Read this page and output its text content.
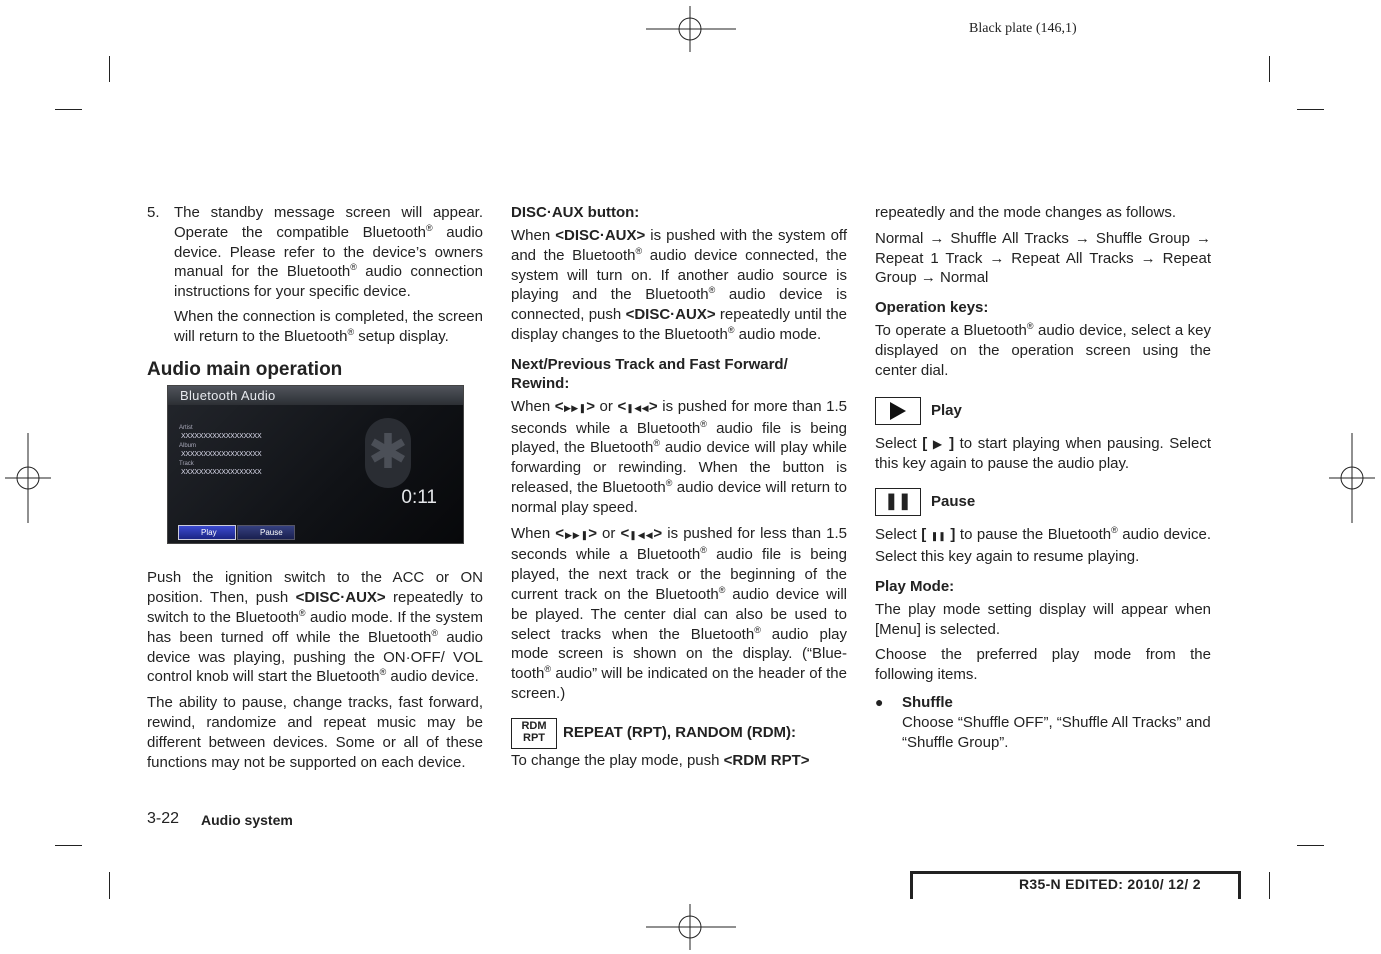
Black plate (146,1)
5. The standby message screen will appear. Operate the compatible Bluetooth® audio device. Please refer to the device’s owners manual for the Bluetooth® audio connection instructions for your specific device.

When the connection is completed, the screen will return to the Bluetooth® setup display.

Audio main operation
Bluetooth Audio
Artist
XXXXXXXXXXXXXXXXXX
Album
XXXXXXXXXXXXXXXXXX
Track
XXXXXXXXXXXXXXXXXX ✱
0:11
Play	Pause

Push the ignition switch to the ACC or ON position. Then, push <DISC·AUX> repeatedly to switch to the Bluetooth® audio mode. If the system has been turned off while the Bluetooth® audio device was playing, pushing the ON·OFF/ VOL control knob will start the Bluetooth® audio device.

The ability to pause, change tracks, fast forward, rewind, randomize and repeat music may be different between devices. Some or all of these functions may not be supported on each device.

DISC·AUX button:

When <DISC·AUX> is pushed with the system off and the Bluetooth® audio device connected, the system will turn on. If another audio source is playing and the Bluetooth® audio device is connected, push <DISC·AUX> repeatedly until the display changes to the Bluetooth® audio mode.

Next/Previous Track and Fast Forward/ Rewind:

When <▶▶❚> or <❚◀◀> is pushed for more than 1.5 seconds while a Bluetooth® audio file is being played, the Bluetooth® audio device will play while forwarding or rewinding. When the button is released, the Bluetooth® audio device will return to normal play speed.

When <▶▶❚> or <❚◀◀> is pushed for less than 1.5 seconds while a Bluetooth® audio file is being played, the next track or the beginning of the current track on the Bluetooth® audio device will be played. The center dial can also be used to select tracks when the Bluetooth® audio play mode screen is shown on the display. (“Blue- tooth® audio” will be indicated on the header of the screen.)

RDM
RPT	REPEAT (RPT), RANDOM (RDM):

To change the play mode, push <RDM RPT>

repeatedly and the mode changes as follows.

Normal → Shuffle All Tracks → Shuffle Group → Repeat 1 Track → Repeat All Tracks → Repeat Group → Normal

Operation keys:

To operate a Bluetooth® audio device, select a key displayed on the operation screen using the center dial.

Play

Select [ ▶ ] to start playing when pausing. Select this key again to pause the audio play.

❚❚	Pause

Select [ ❚❚ ] to pause the Bluetooth® audio device. Select this key again to resume playing.

Play Mode:

The play mode setting display will appear when [Menu] is selected.

Choose the preferred play mode from the following items.

●	Shuffle
Choose “Shuffle OFF”, “Shuffle All Tracks” and “Shuffle Group”.
3-22 Audio system
R35-N EDITED: 2010/ 12/ 2
